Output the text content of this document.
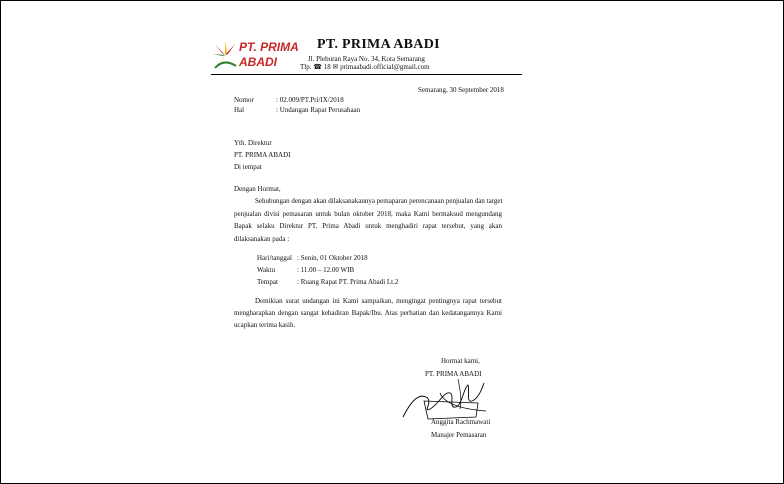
PT. PRIMA
ABADI
PT. PRIMA ABADI
Jl. Pleburan Raya No. 34, Kota Semarang
Tlp. ☎ 18 ✉ primaabadi.official@gmail.com
Semarang, 30 September 2018
Nomor	: 02.009/PT.Pri/IX/2018
Hal	: Undangan Rapat Perusahaan
Yth. Direktur
PT. PRIMA ABADI
Di tempat
Dengan Hormat,
Sehubungan dengan akan dilaksanakannya pemaparan perencanaan penjualan dan target
penjualan divisi pemasaran untuk bulan oktober 2018, maka Kami bermaksud mengundang
Bapak selaku Direktur PT. Prima Abadi untuk menghadiri rapat tersebut, yang akan
dilaksanakan pada :
Hari/tanggal : Senin, 01 Oktober 2018
Waktu	: 11.00 – 12.00 WIB
Tempat	: Ruang Rapat PT. Prima Abadi Lt.2
Demikian surat undangan ini Kami sampaikan, mengingat pentingnya rapat tersebut
mengharapkan dengan sangat kehadiran Bapak/Ibu. Atas perhatian dan kedatangannya Kami
ucapkan terima kasih.
Hormat kami,
PT. PRIMA ABADI
Anggita Rachmawati
Manajer Pemasaran
